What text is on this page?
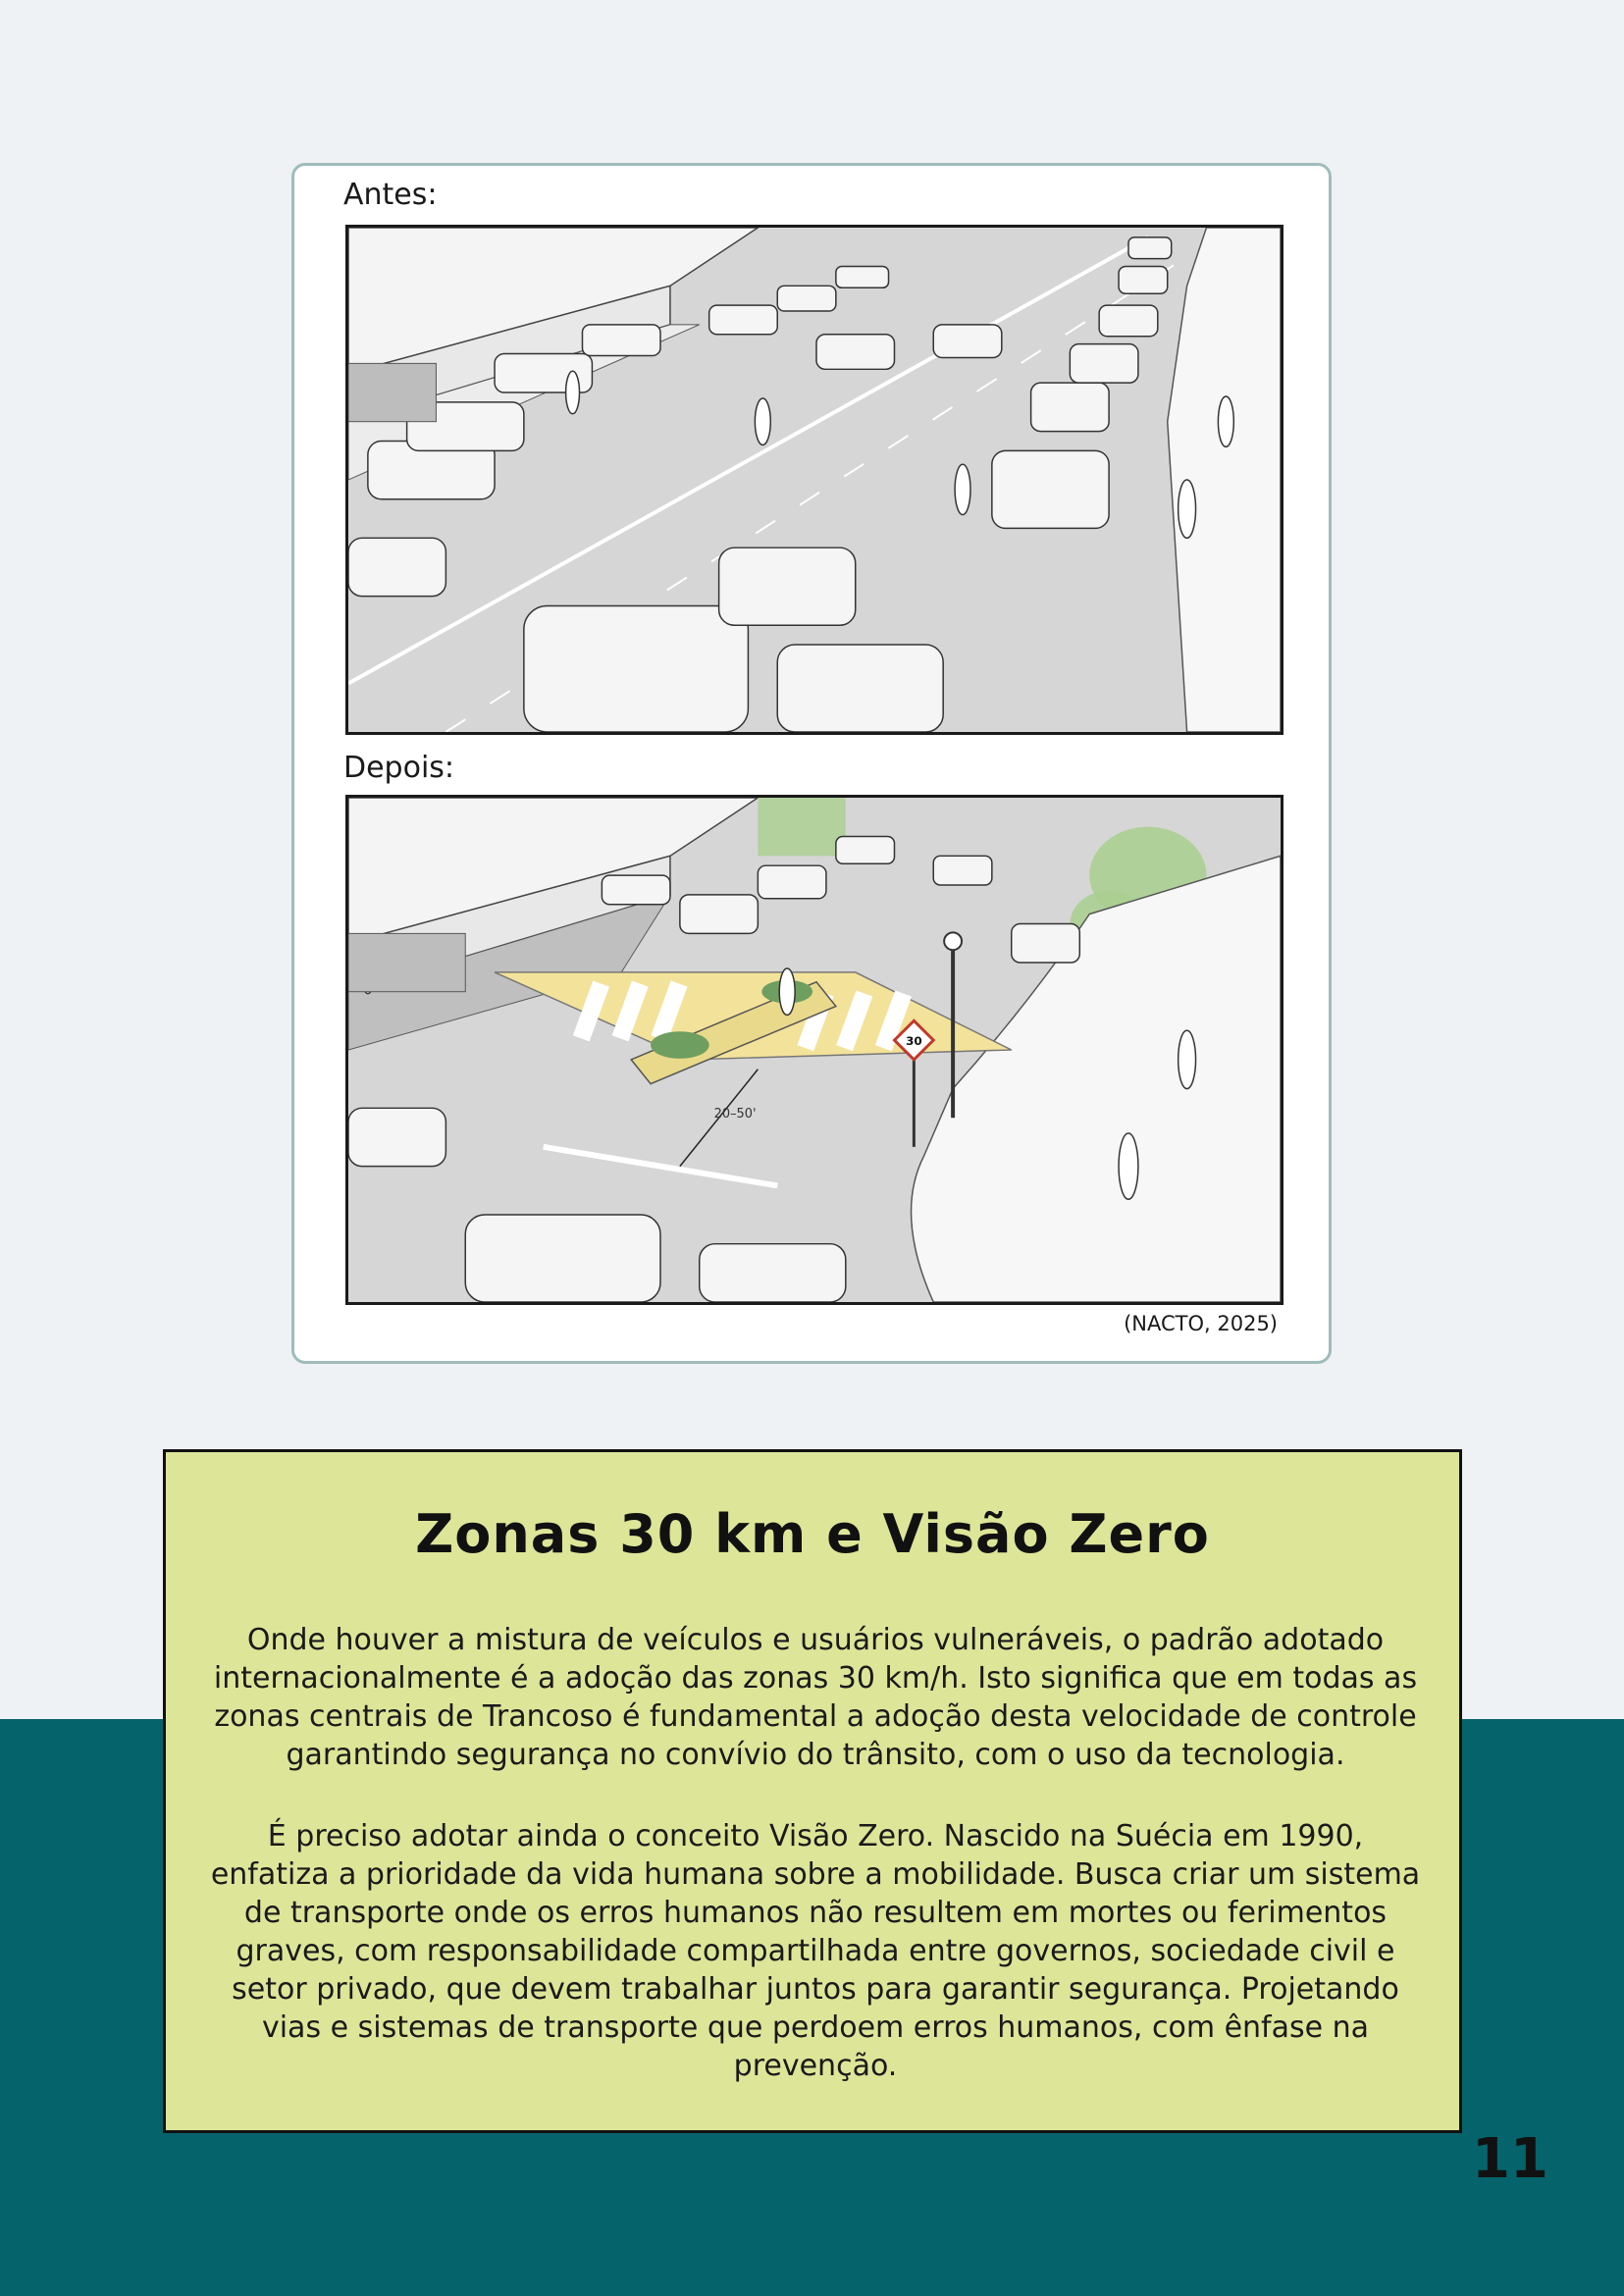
Antes:
Depois:
30
20–50'
(NACTO, 2025)
Zonas 30 km e Visão Zero

Onde houver a mistura de veículos e usuários vulneráveis, o padrão adotado internacionalmente é a adoção das zonas 30 km/h. Isto significa que em todas as zonas centrais de Trancoso é fundamental a adoção desta velocidade de controle garantindo segurança no convívio do trânsito, com o uso da tecnologia.

É preciso adotar ainda o conceito Visão Zero. Nascido na Suécia em 1990, enfatiza a prioridade da vida humana sobre a mobilidade. Busca criar um sistema de transporte onde os erros humanos não resultem em mortes ou ferimentos graves, com responsabilidade compartilhada entre governos, sociedade civil e setor privado, que devem trabalhar juntos para garantir segurança. Projetando vias e sistemas de transporte que perdoem erros humanos, com ênfase na prevenção.

11
